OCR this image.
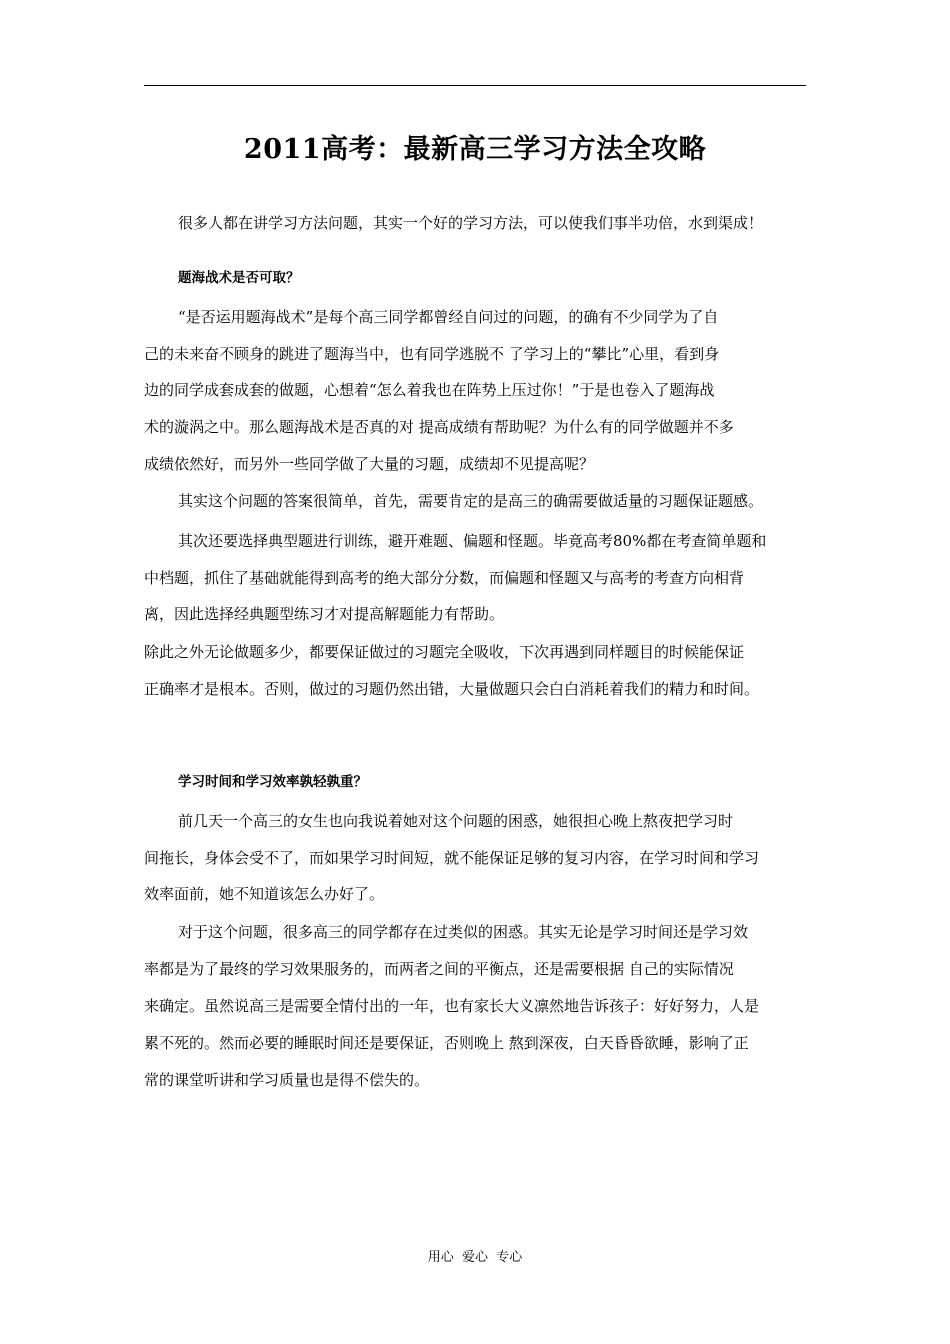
2011高考：最新高三学习方法全攻略
很多人都在讲学习方法问题，其实一个好的学习方法，可以使我们事半功倍，水到渠成！
题海战术是否可取？
“是否运用题海战术”是每个高三同学都曾经自问过的问题，的确有不少同学为了自
己的未来奋不顾身的跳进了题海当中，也有同学逃脱不 了学习上的“攀比”心里，看到身
边的同学成套成套的做题，心想着“怎么着我也在阵势上压过你！”于是也卷入了题海战
术的漩涡之中。那么题海战术是否真的对 提高成绩有帮助呢？为什么有的同学做题并不多
成绩依然好，而另外一些同学做了大量的习题，成绩却不见提高呢？
其实这个问题的答案很简单，首先，需要肯定的是高三的确需要做适量的习题保证题感。
其次还要选择典型题进行训练，避开难题、偏题和怪题。毕竟高考80%都在考查简单题和
中档题，抓住了基础就能得到高考的绝大部分分数，而偏题和怪题又与高考的考查方向相背
离，因此选择经典题型练习才对提高解题能力有帮助。
除此之外无论做题多少，都要保证做过的习题完全吸收，下次再遇到同样题目的时候能保证
正确率才是根本。否则，做过的习题仍然出错，大量做题只会白白消耗着我们的精力和时间。
学习时间和学习效率孰轻孰重？
前几天一个高三的女生也向我说着她对这个问题的困惑，她很担心晚上熬夜把学习时
间拖长，身体会受不了，而如果学习时间短，就不能保证足够的复习内容，在学习时间和学习
效率面前，她不知道该怎么办好了。
对于这个问题，很多高三的同学都存在过类似的困惑。其实无论是学习时间还是学习效
率都是为了最终的学习效果服务的，而两者之间的平衡点，还是需要根据 自己的实际情况
来确定。虽然说高三是需要全情付出的一年，也有家长大义凛然地告诉孩子：好好努力，人是
累不死的。然而必要的睡眠时间还是要保证，否则晚上 熬到深夜，白天昏昏欲睡，影响了正
常的课堂听讲和学习质量也是得不偿失的。
用心  爱心  专心
